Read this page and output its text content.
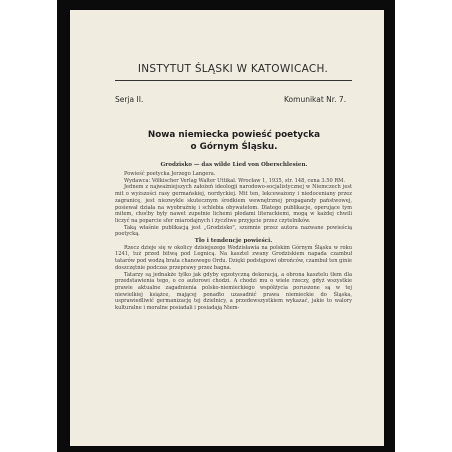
INSTYTUT ŚLĄSKI W KATOWICACH.
Serja II.	Komunikat Nr. 7.
Nowa niemiecka powieść poetycka
o Górnym Śląsku.
Grodzisko — das wilde Lied von Oberschlesien.

Powieść poetycka Jerzego Langera.

Wydawca: Völkischer Verlag Walter Uttikal. Wrocław 1, 1935, str. 148, cena 3.50 RM.

Jednem z najważniejszych założeń ideologji narodowo-socjalistycznej w Niemczech jest mit o wyższości rasy germańskiej, nordyckiej. Mit ten, lekceważony i niedoceniany przez zagranicę, jest niezwykle skutecznym środkiem wewnętrznej propagandy państwowej, posiewał działa na wyobraźnię i schlebia obywatelom. Dlatego publikacje, operujące tym mitem, choćby były nawet zupełnie lichemi płodami literackiemi, mogą w każdej chwili liczyć na poparcie sfer miarodajnych i życzliwe przyjęcie przez czytelników.

Taką właśnie publikacją jest „Grodzisko", szumnie przez autora nazwane powieścią poetycką.

Tło i tendencje powieści.

Rzecz dzieje się w okolicy dzisiejszego Wodzisławia na polskim Górnym Śląsku w roku 1241, tuż przed bitwą pod Legnicą. Na kasztel zwany Grodziskiem napada czambuł tatarów pod wodzą brata chanowego Ordu. Dzięki podstępowi obrońców, czambuł ten ginie doszczętnie podczas przeprawy przez bagna.

Tatarzy są jednakże tylko jak gdyby egzotyczną dekoracją, a obrona kasztelu tłem dla przedstawienia tego, o co autorowi chodzi. A chodzi mu o wiele rzeczy, gdyż wszystkie prawie aktualne zagadnienia polsko-niemieckiego współżycia poruszone są w tej niewielkiej książce, mającej ponadto uzasadnić prawa niemieckie do Śląska, usprawiedliwić germanizację tej dzielnicy, a przedewszystkiem wykazać, jakie to walory kulturalne i moralne posiadali i posiadają Niem-
